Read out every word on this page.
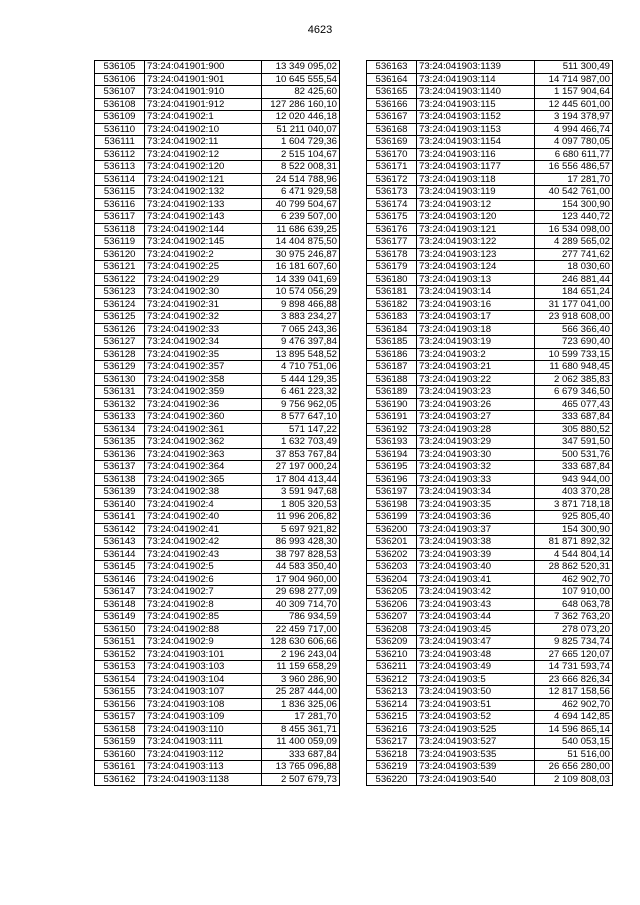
4623
536105	73:24:041901:900	13 349 095,02
536106	73:24:041901:901	10 645 555,54
536107	73:24:041901:910	82 425,60
536108	73:24:041901:912	127 286 160,10
536109	73:24:041902:1	12 020 446,18
536110	73:24:041902:10	51 211 040,07
536111	73:24:041902:11	1 604 729,36
536112	73:24:041902:12	2 515 104,67
536113	73:24:041902:120	8 522 008,31
536114	73:24:041902:121	24 514 788,96
536115	73:24:041902:132	6 471 929,58
536116	73:24:041902:133	40 799 504,67
536117	73:24:041902:143	6 239 507,00
536118	73:24:041902:144	11 686 639,25
536119	73:24:041902:145	14 404 875,50
536120	73:24:041902:2	30 975 246,87
536121	73:24:041902:25	16 181 607,60
536122	73:24:041902:29	14 339 041,69
536123	73:24:041902:30	10 574 056,29
536124	73:24:041902:31	9 898 466,88
536125	73:24:041902:32	3 883 234,27
536126	73:24:041902:33	7 065 243,36
536127	73:24:041902:34	9 476 397,84
536128	73:24:041902:35	13 895 548,52
536129	73:24:041902:357	4 710 751,06
536130	73:24:041902:358	5 444 129,35
536131	73:24:041902:359	6 461 223,32
536132	73:24:041902:36	9 756 962,05
536133	73:24:041902:360	8 577 647,10
536134	73:24:041902:361	571 147,22
536135	73:24:041902:362	1 632 703,49
536136	73:24:041902:363	37 853 767,84
536137	73:24:041902:364	27 197 000,24
536138	73:24:041902:365	17 804 413,44
536139	73:24:041902:38	3 591 947,68
536140	73:24:041902:4	1 805 320,53
536141	73:24:041902:40	11 996 206,82
536142	73:24:041902:41	5 697 921,82
536143	73:24:041902:42	86 993 428,30
536144	73:24:041902:43	38 797 828,53
536145	73:24:041902:5	44 583 350,40
536146	73:24:041902:6	17 904 960,00
536147	73:24:041902:7	29 698 277,09
536148	73:24:041902:8	40 309 714,70
536149	73:24:041902:85	786 934,59
536150	73:24:041902:88	22 459 717,00
536151	73:24:041902:9	128 630 606,66
536152	73:24:041903:101	2 196 243,04
536153	73:24:041903:103	11 159 658,29
536154	73:24:041903:104	3 960 286,90
536155	73:24:041903:107	25 287 444,00
536156	73:24:041903:108	1 836 325,06
536157	73:24:041903:109	17 281,70
536158	73:24:041903:110	8 455 361,71
536159	73:24:041903:111	11 400 059,09
536160	73:24:041903:112	333 687,84
536161	73:24:041903:113	13 765 096,88
536162	73:24:041903:1138	2 507 679,73
536163	73:24:041903:1139	511 300,49
536164	73:24:041903:114	14 714 987,00
536165	73:24:041903:1140	1 157 904,64
536166	73:24:041903:115	12 445 601,00
536167	73:24:041903:1152	3 194 378,97
536168	73:24:041903:1153	4 994 466,74
536169	73:24:041903:1154	4 097 780,05
536170	73:24:041903:116	6 680 611,77
536171	73:24:041903:1177	16 556 486,57
536172	73:24:041903:118	17 281,70
536173	73:24:041903:119	40 542 761,00
536174	73:24:041903:12	154 300,90
536175	73:24:041903:120	123 440,72
536176	73:24:041903:121	16 534 098,00
536177	73:24:041903:122	4 289 565,02
536178	73:24:041903:123	277 741,62
536179	73:24:041903:124	18 030,60
536180	73:24:041903:13	246 881,44
536181	73:24:041903:14	184 651,24
536182	73:24:041903:16	31 177 041,00
536183	73:24:041903:17	23 918 608,00
536184	73:24:041903:18	566 366,40
536185	73:24:041903:19	723 690,40
536186	73:24:041903:2	10 599 733,15
536187	73:24:041903:21	11 680 948,45
536188	73:24:041903:22	2 062 385,83
536189	73:24:041903:23	6 679 346,50
536190	73:24:041903:26	465 077,43
536191	73:24:041903:27	333 687,84
536192	73:24:041903:28	305 880,52
536193	73:24:041903:29	347 591,50
536194	73:24:041903:30	500 531,76
536195	73:24:041903:32	333 687,84
536196	73:24:041903:33	943 944,00
536197	73:24:041903:34	403 370,28
536198	73:24:041903:35	3 871 718,18
536199	73:24:041903:36	925 805,40
536200	73:24:041903:37	154 300,90
536201	73:24:041903:38	81 871 892,32
536202	73:24:041903:39	4 544 804,14
536203	73:24:041903:40	28 862 520,31
536204	73:24:041903:41	462 902,70
536205	73:24:041903:42	107 910,00
536206	73:24:041903:43	648 063,78
536207	73:24:041903:44	7 362 763,20
536208	73:24:041903:45	278 073,20
536209	73:24:041903:47	9 825 734,74
536210	73:24:041903:48	27 665 120,07
536211	73:24:041903:49	14 731 593,74
536212	73:24:041903:5	23 666 826,34
536213	73:24:041903:50	12 817 158,56
536214	73:24:041903:51	462 902,70
536215	73:24:041903:52	4 694 142,85
536216	73:24:041903:525	14 596 865,14
536217	73:24:041903:527	540 053,15
536218	73:24:041903:535	51 516,00
536219	73:24:041903:539	26 656 280,00
536220	73:24:041903:540	2 109 808,03
